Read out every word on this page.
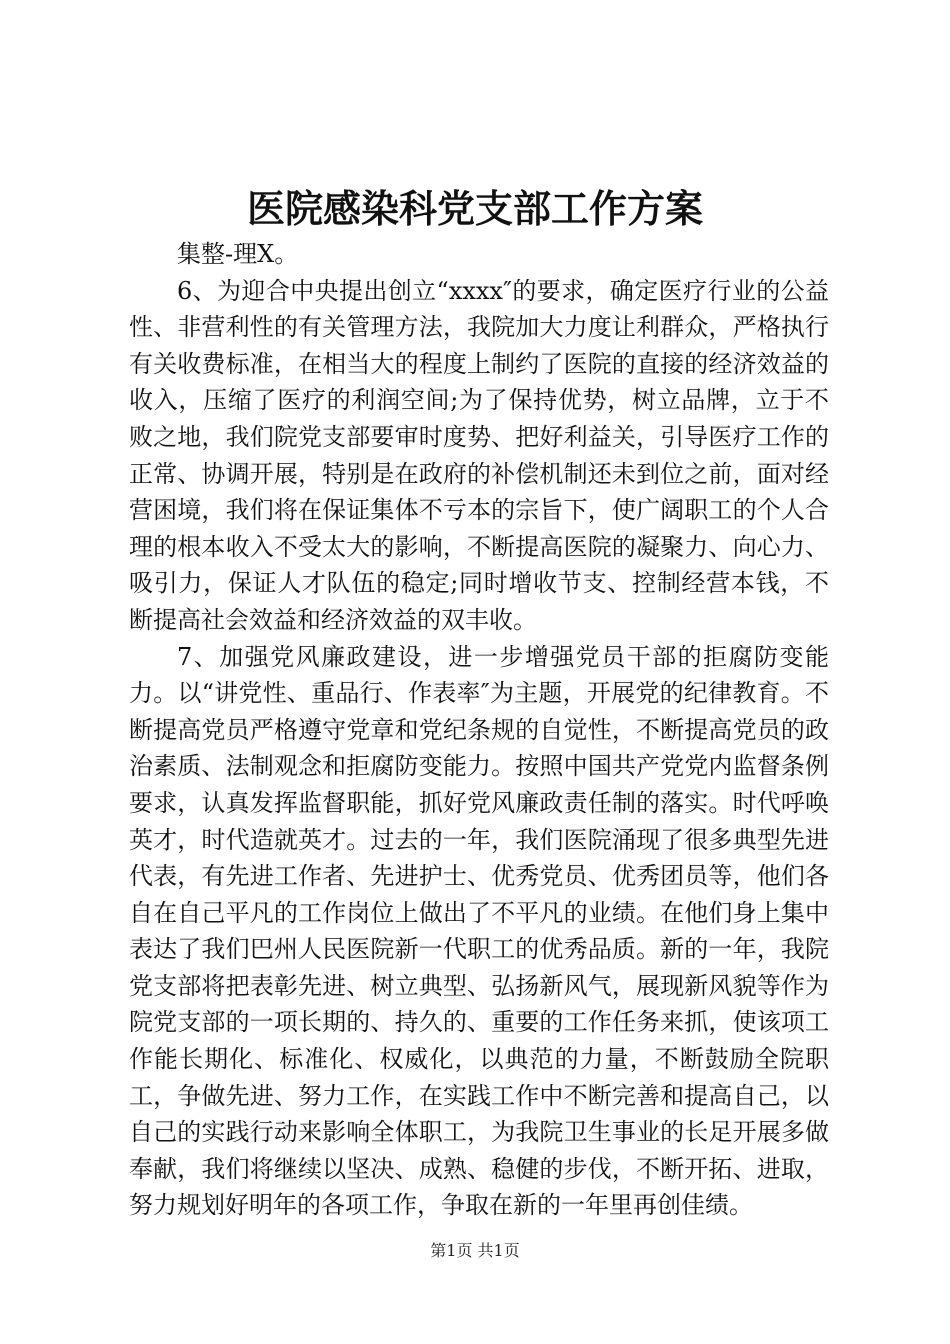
医院感染科党支部工作方案

集整-理X。

6、为迎合中央提出创立“xxxx″的要求，确定医疗行业的公益性、非营利性的有关管理方法，我院加大力度让利群众，严格执行有关收费标准，在相当大的程度上制约了医院的直接的经济效益的收入，压缩了医疗的利润空间;为了保持优势，树立品牌，立于不败之地，我们院党支部要审时度势、把好利益关，引导医疗工作的正常、协调开展，特别是在政府的补偿机制还未到位之前，面对经营困境，我们将在保证集体不亏本的宗旨下，使广阔职工的个人合理的根本收入不受太大的影响，不断提高医院的凝聚力、向心力、吸引力，保证人才队伍的稳定;同时增收节支、控制经营本钱，不断提高社会效益和经济效益的双丰收。

7、加强党风廉政建设，进一步增强党员干部的拒腐防变能力。以“讲党性、重品行、作表率″为主题，开展党的纪律教育。不断提高党员严格遵守党章和党纪条规的自觉性，不断提高党员的政治素质、法制观念和拒腐防变能力。按照中国共产党党内监督条例要求，认真发挥监督职能，抓好党风廉政责任制的落实。时代呼唤英才，时代造就英才。过去的一年，我们医院涌现了很多典型先进代表，有先进工作者、先进护士、优秀党员、优秀团员等，他们各自在自己平凡的工作岗位上做出了不平凡的业绩。在他们身上集中表达了我们巴州人民医院新一代职工的优秀品质。新的一年，我院党支部将把表彰先进、树立典型、弘扬新风气，展现新风貌等作为院党支部的一项长期的、持久的、重要的工作任务来抓，使该项工作能长期化、标准化、权威化，以典范的力量，不断鼓励全院职工，争做先进、努力工作，在实践工作中不断完善和提高自己，以自己的实践行动来影响全体职工，为我院卫生事业的长足开展多做奉献，我们将继续以坚决、成熟、稳健的步伐，不断开拓、进取，努力规划好明年的各项工作，争取在新的一年里再创佳绩。

第1页 共1页
